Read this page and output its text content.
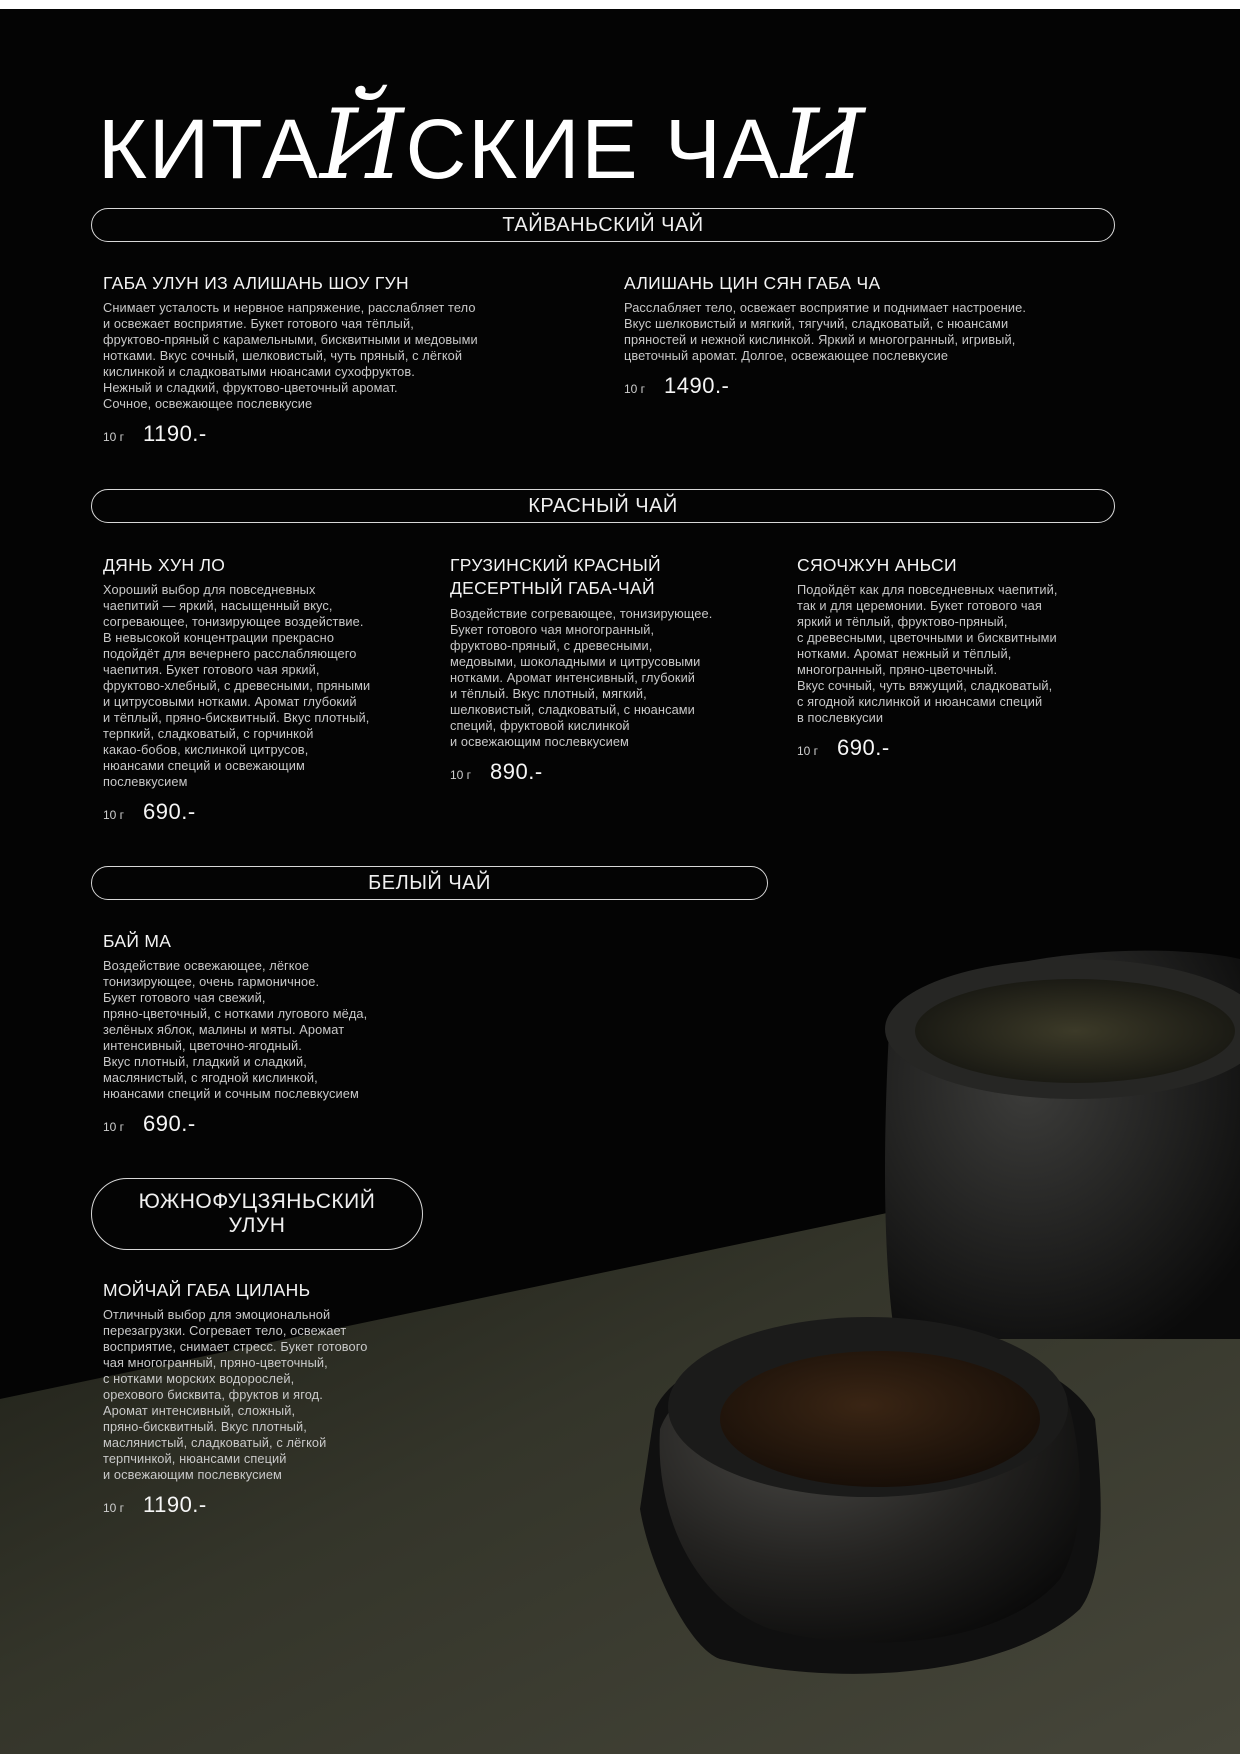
КИТАЙСКИЕ ЧАИ
ТАЙВАНЬСКИЙ ЧАЙ
ГАБА УЛУН ИЗ АЛИШАНЬ ШОУ ГУН

Снимает усталость и нервное напряжение, расслабляет тело
и освежает восприятие. Букет готового чая тёплый,
фруктово-пряный с карамельными, бисквитными и медовыми
нотками. Вкус сочный, шелковистый, чуть пряный, с лёгкой
кислинкой и сладковатыми нюансами сухофруктов.
Нежный и сладкий, фруктово-цветочный аромат.
Сочное, освежающее послевкусие

10 г 1190.-
АЛИШАНЬ ЦИН СЯН ГАБА ЧА

Расслабляет тело, освежает восприятие и поднимает настроение.
Вкус шелковистый и мягкий, тягучий, сладковатый, с нюансами
пряностей и нежной кислинкой. Яркий и многогранный, игривый,
цветочный аромат. Долгое, освежающее послевкусие

10 г 1490.-
КРАСНЫЙ ЧАЙ
ДЯНЬ ХУН ЛО

Хороший выбор для повседневных
чаепитий — яркий, насыщенный вкус,
согревающее, тонизирующее воздействие.
В невысокой концентрации прекрасно
подойдёт для вечернего расслабляющего
чаепития. Букет готового чая яркий,
фруктово-хлебный, с древесными, пряными
и цитрусовыми нотками. Аромат глубокий
и тёплый, пряно-бисквитный. Вкус плотный,
терпкий, сладковатый, с горчинкой
какао-бобов, кислинкой цитрусов,
нюансами специй и освежающим
послевкусием

10 г 690.-
ГРУЗИНСКИЙ КРАСНЫЙ
ДЕСЕРТНЫЙ ГАБА-ЧАЙ

Воздействие согревающее, тонизирующее.
Букет готового чая многогранный,
фруктово-пряный, с древесными,
медовыми, шоколадными и цитрусовыми
нотками. Аромат интенсивный, глубокий
и тёплый. Вкус плотный, мягкий,
шелковистый, сладковатый, с нюансами
специй, фруктовой кислинкой
и освежающим послевкусием

10 г 890.-
СЯОЧЖУН АНЬСИ

Подойдёт как для повседневных чаепитий,
так и для церемонии. Букет готового чая
яркий и тёплый, фруктово-пряный,
с древесными, цветочными и бисквитными
нотками. Аромат нежный и тёплый,
многогранный, пряно-цветочный.
Вкус сочный, чуть вяжущий, сладковатый,
с ягодной кислинкой и нюансами специй
в послевкусии

10 г 690.-
БЕЛЫЙ ЧАЙ
БАЙ МА

Воздействие освежающее, лёгкое
тонизирующее, очень гармоничное.
Букет готового чая свежий,
пряно-цветочный, с нотками лугового мёда,
зелёных яблок, малины и мяты. Аромат
интенсивный, цветочно-ягодный.
Вкус плотный, гладкий и сладкий,
маслянистый, с ягодной кислинкой,
нюансами специй и сочным послевкусием

10 г 690.-
ЮЖНОФУЦЗЯНЬСКИЙ
УЛУН
МОЙЧАЙ ГАБА ЦИЛАНЬ

Отличный выбор для эмоциональной
перезагрузки. Согревает тело, освежает
восприятие, снимает стресс. Букет готового
чая многогранный, пряно-цветочный,
с нотками морских водорослей,
орехового бисквита, фруктов и ягод.
Аромат интенсивный, сложный,
пряно-бисквитный. Вкус плотный,
маслянистый, сладковатый, с лёгкой
терпчинкой, нюансами специй
и освежающим послевкусием

10 г 1190.-
